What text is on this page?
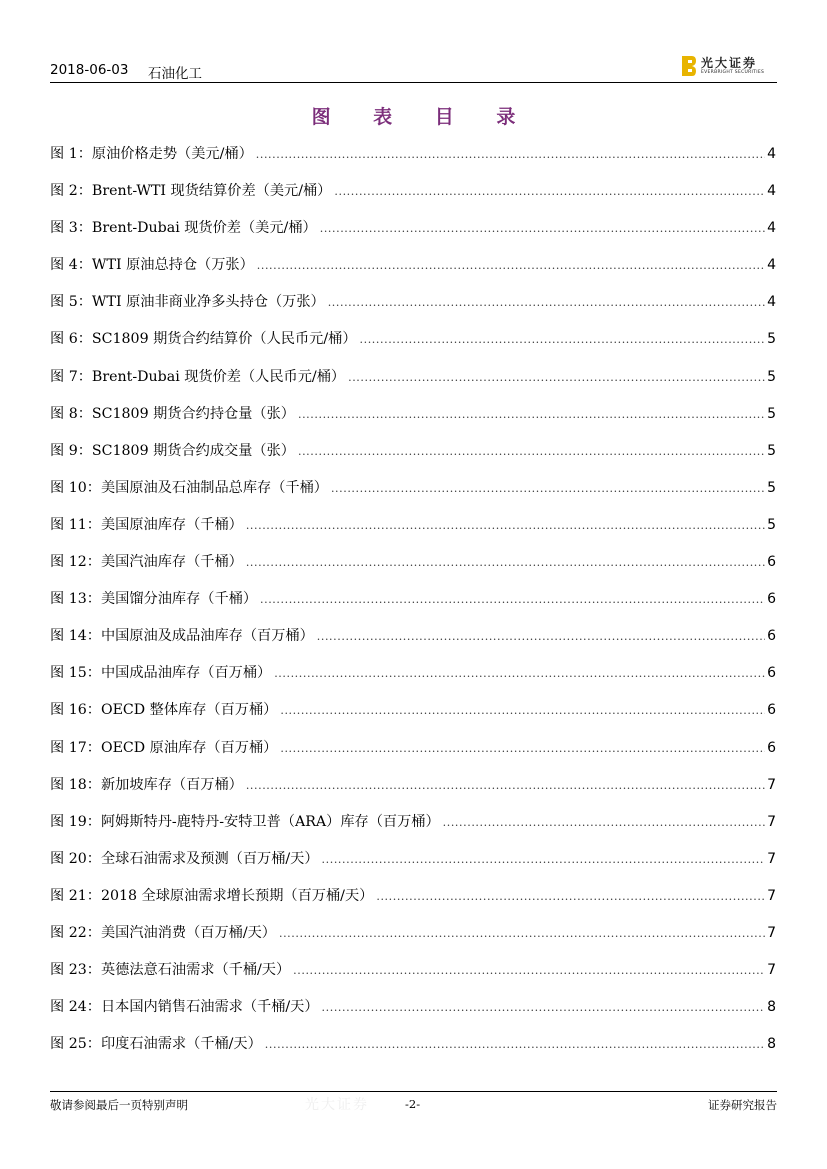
2018-06-03 石油化工
光大证券
EVERBRIGHT SECURITIES
图 表 目 录
图 1：原油价格走势（美元/桶） .....	4
图 2：Brent-WTI 现货结算价差（美元/桶） .....	4
图 3：Brent-Dubai 现货价差（美元/桶） .....	4
图 4：WTI 原油总持仓（万张） .....	4
图 5：WTI 原油非商业净多头持仓（万张） .....	4
图 6：SC1809 期货合约结算价（人民币元/桶） .....	5
图 7：Brent-Dubai 现货价差（人民币元/桶） .....	5
图 8：SC1809 期货合约持仓量（张） .....	5
图 9：SC1809 期货合约成交量（张） .....	5
图 10：美国原油及石油制品总库存（千桶） .....	5
图 11：美国原油库存（千桶） .....	5
图 12：美国汽油库存（千桶） .....	6
图 13：美国馏分油库存（千桶） .....	6
图 14：中国原油及成品油库存（百万桶） .....	6
图 15：中国成品油库存（百万桶） .....	6
图 16：OECD 整体库存（百万桶） .....	6
图 17：OECD 原油库存（百万桶） .....	6
图 18：新加坡库存（百万桶） .....	7
图 19：阿姆斯特丹-鹿特丹-安特卫普（ARA）库存（百万桶） .....	7
图 20：全球石油需求及预测（百万桶/天） .....	7
图 21：2018 全球原油需求增长预期（百万桶/天） .....	7
图 22：美国汽油消费（百万桶/天） .....	7
图 23：英德法意石油需求（千桶/天） .....	7
图 24：日本国内销售石油需求（千桶/天） .....	8
图 25：印度石油需求（千桶/天） .....	8
敬请参阅最后一页特别声明	光大证券	-2-	证券研究报告
